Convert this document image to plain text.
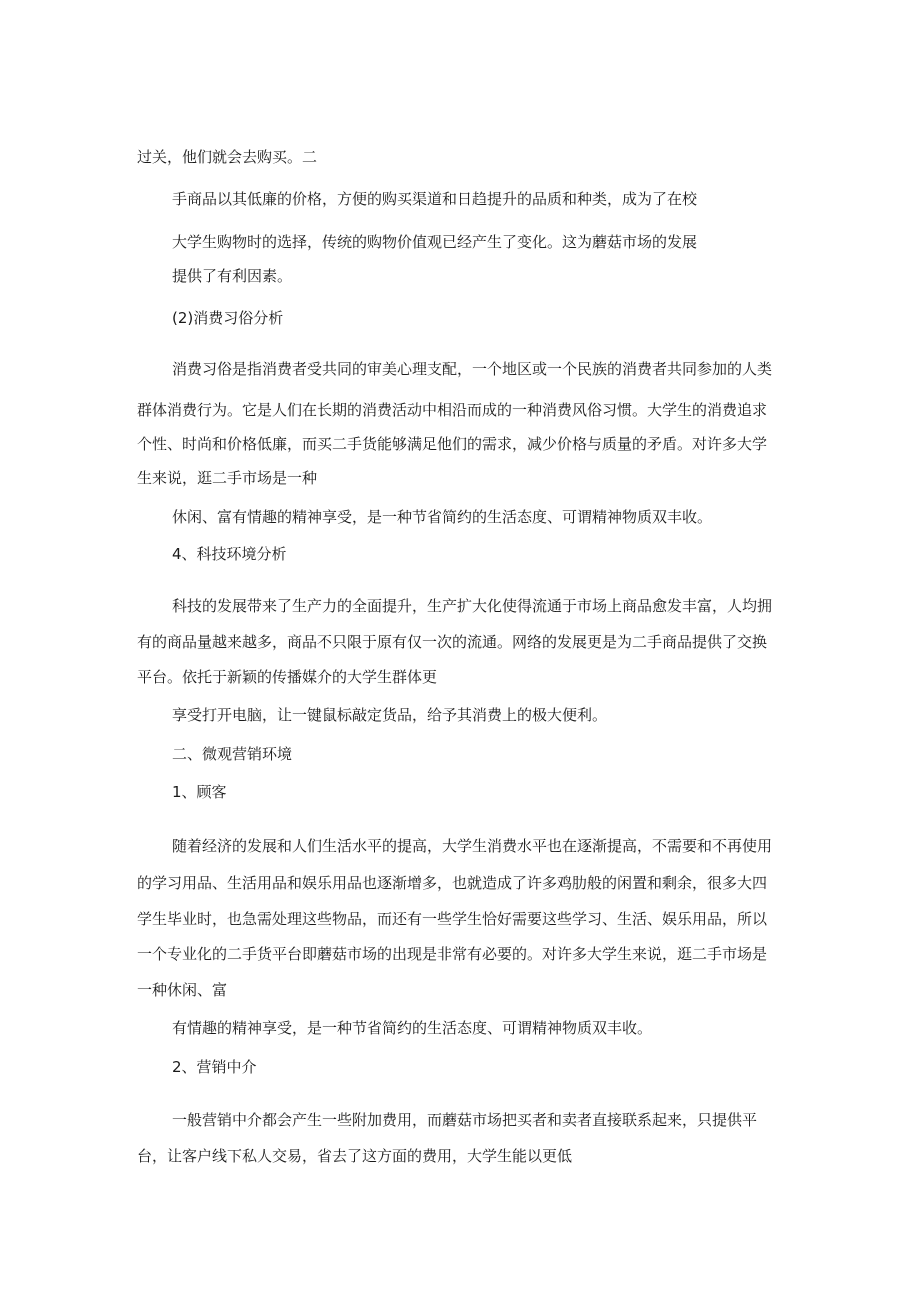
过关，他们就会去购买。二
手商品以其低廉的价格，方便的购买渠道和日趋提升的品质和种类，成为了在校
大学生购物时的选择，传统的购物价值观已经产生了变化。这为蘑菇市场的发展
提供了有利因素。
(2)消费习俗分析
消费习俗是指消费者受共同的审美心理支配，一个地区或一个民族的消费者共同参加的人类
群体消费行为。它是人们在长期的消费活动中相沿而成的一种消费风俗习惯。大学生的消费追求
个性、时尚和价格低廉，而买二手货能够满足他们的需求，减少价格与质量的矛盾。对许多大学
生来说，逛二手市场是一种
休闲、富有情趣的精神享受，是一种节省简约的生活态度、可谓精神物质双丰收。
4、科技环境分析
科技的发展带来了生产力的全面提升，生产扩大化使得流通于市场上商品愈发丰富，人均拥
有的商品量越来越多，商品不只限于原有仅一次的流通。网络的发展更是为二手商品提供了交换
平台。依托于新颖的传播媒介的大学生群体更
享受打开电脑，让一键鼠标敲定货品，给予其消费上的极大便利。
二、微观营销环境
1、顾客
随着经济的发展和人们生活水平的提高，大学生消费水平也在逐渐提高，不需要和不再使用
的学习用品、生活用品和娱乐用品也逐渐增多，也就造成了许多鸡肋般的闲置和剩余，很多大四
学生毕业时，也急需处理这些物品，而还有一些学生恰好需要这些学习、生活、娱乐用品，所以
一个专业化的二手货平台即蘑菇市场的出现是非常有必要的。对许多大学生来说，逛二手市场是
一种休闲、富
有情趣的精神享受，是一种节省简约的生活态度、可谓精神物质双丰收。
2、营销中介
一般营销中介都会产生一些附加费用，而蘑菇市场把买者和卖者直接联系起来，只提供平
台，让客户线下私人交易，省去了这方面的费用，大学生能以更低
